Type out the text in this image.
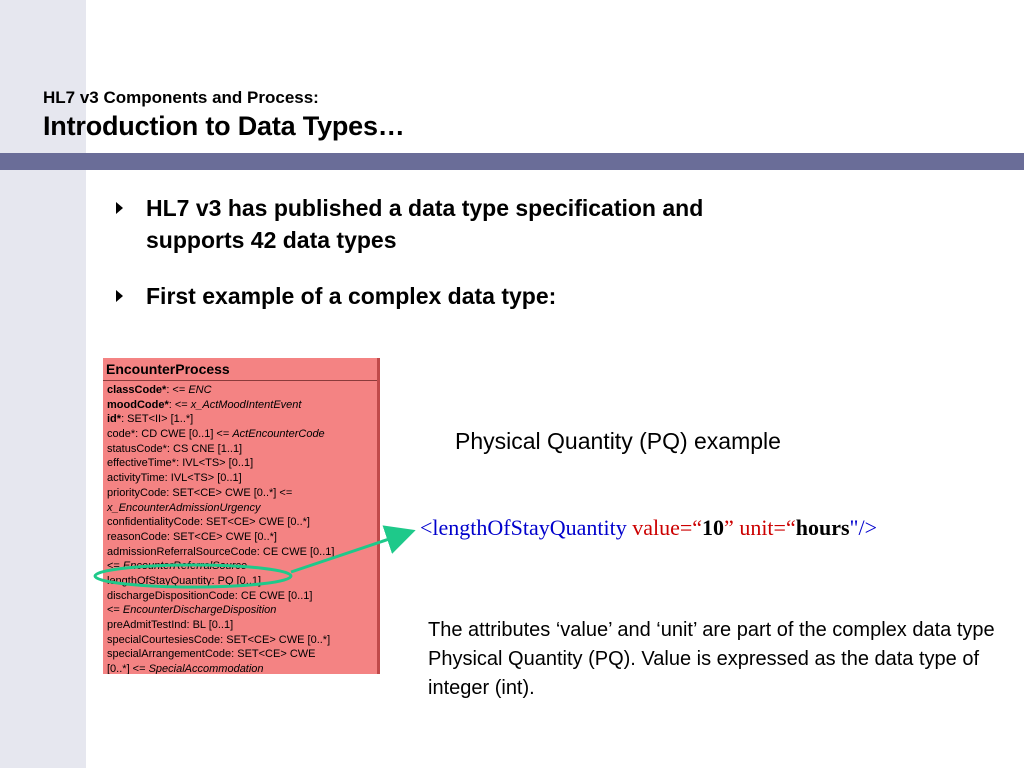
HL7 v3 Components and Process:
Introduction to Data Types…
HL7 v3 has published a data type specification and
supports 42 data types
First example of a complex data type:
EncounterProcess
classCode*: <= ENC
moodCode*: <= x_ActMoodIntentEvent
id*: SET<II> [1..*]
code*: CD CWE [0..1] <= ActEncounterCode
statusCode*: CS CNE [1..1]
effectiveTime*: IVL<TS> [0..1]
activityTime: IVL<TS> [0..1]
priorityCode: SET<CE> CWE [0..*] <=
x_EncounterAdmissionUrgency
confidentialityCode: SET<CE> CWE [0..*]
reasonCode: SET<CE> CWE [0..*]
admissionReferralSourceCode: CE CWE [0..1]
<= EncounterReferralSource
lengthOfStayQuantity: PQ [0..1]
dischargeDispositionCode: CE CWE [0..1]
<= EncounterDischargeDisposition
preAdmitTestInd: BL [0..1]
specialCourtesiesCode: SET<CE> CWE [0..*]
specialArrangementCode: SET<CE> CWE
[0..*] <= SpecialAccommodation
Physical Quantity (PQ) example
<lengthOfStayQuantity value=“10” unit=“hours"/>
The attributes ‘value’ and ‘unit’ are part of the complex data type Physical Quantity (PQ). Value is expressed as the data type of integer (int).
